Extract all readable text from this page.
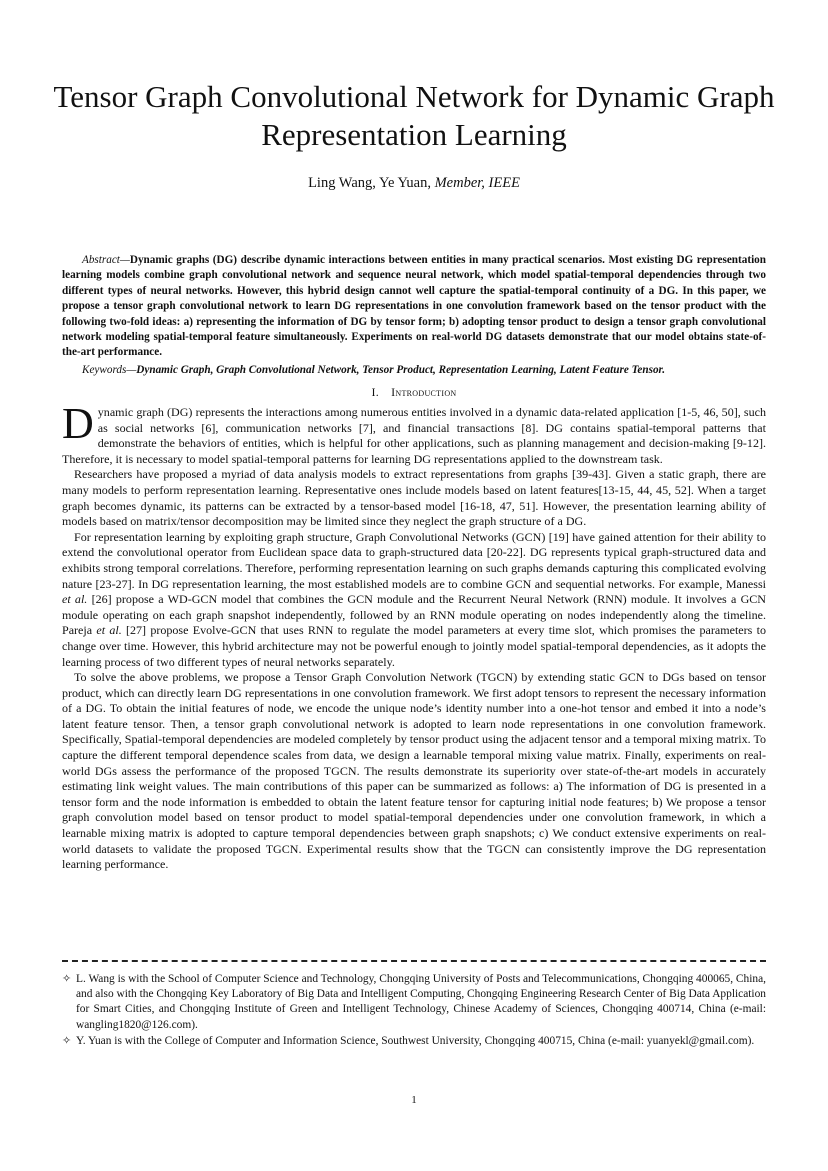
Tensor Graph Convolutional Network for Dynamic Graph Representation Learning
Ling Wang, Ye Yuan, Member, IEEE

Abstract—Dynamic graphs (DG) describe dynamic interactions between entities in many practical scenarios. Most existing DG representation learning models combine graph convolutional network and sequence neural network, which model spatial-temporal dependencies through two different types of neural networks. However, this hybrid design cannot well capture the spatial-temporal continuity of a DG. In this paper, we propose a tensor graph convolutional network to learn DG representations in one convolution framework based on the tensor product with the following two-fold ideas: a) representing the information of DG by tensor form; b) adopting tensor product to design a tensor graph convolutional network modeling spatial-temporal feature simultaneously. Experiments on real-world DG datasets demonstrate that our model obtains state-of-the-art performance.

Keywords—Dynamic Graph, Graph Convolutional Network, Tensor Product, Representation Learning, Latent Feature Tensor.

I. Introduction

Dynamic graph (DG) represents the interactions among numerous entities involved in a dynamic data-related application [1-5, 46, 50], such as social networks [6], communication networks [7], and financial transactions [8]. DG contains spatial-temporal patterns that demonstrate the behaviors of entities, which is helpful for other applications, such as planning management and decision-making [9-12]. Therefore, it is necessary to model spatial-temporal patterns for learning DG representations applied to the downstream task.

Researchers have proposed a myriad of data analysis models to extract representations from graphs [39-43]. Given a static graph, there are many models to perform representation learning. Representative ones include models based on latent features[13-15, 44, 45, 52]. When a target graph becomes dynamic, its patterns can be extracted by a tensor-based model [16-18, 47, 51]. However, the presentation learning ability of models based on matrix/tensor decomposition may be limited since they neglect the graph structure of a DG.

For representation learning by exploiting graph structure, Graph Convolutional Networks (GCN) [19] have gained attention for their ability to extend the convolutional operator from Euclidean space data to graph-structured data [20-22]. DG represents typical graph-structured data and exhibits strong temporal correlations. Therefore, performing representation learning on such graphs demands capturing this complicated evolving nature [23-27]. In DG representation learning, the most established models are to combine GCN and sequential networks. For example, Manessi et al. [26] propose a WD-GCN model that combines the GCN module and the Recurrent Neural Network (RNN) module. It involves a GCN module operating on each graph snapshot independently, followed by an RNN module operating on nodes independently along the timeline. Pareja et al. [27] propose Evolve-GCN that uses RNN to regulate the model parameters at every time slot, which promises the parameters to change over time. However, this hybrid architecture may not be powerful enough to jointly model spatial-temporal dependencies, as it adopts the learning process of two different types of neural networks separately.

To solve the above problems, we propose a Tensor Graph Convolution Network (TGCN) by extending static GCN to DGs based on tensor product, which can directly learn DG representations in one convolution framework. We first adopt tensors to represent the necessary information of a DG. To obtain the initial features of node, we encode the unique node’s identity number into a one-hot tensor and embed it into a node’s latent feature tensor. Then, a tensor graph convolutional network is adopted to learn node representations in one convolution framework. Specifically, Spatial-temporal dependencies are modeled completely by tensor product using the adjacent tensor and a temporal mixing matrix. To capture the different temporal dependence scales from data, we design a learnable temporal mixing value matrix. Finally, experiments on real-world DGs assess the performance of the proposed TGCN. The results demonstrate its superiority over state-of-the-art models in accurately estimating link weight values. The main contributions of this paper can be summarized as follows: a) The information of DG is presented in a tensor form and the node information is embedded to obtain the latent feature tensor for capturing initial node features; b) We propose a tensor graph convolution model based on tensor product to model spatial-temporal dependencies under one convolution framework, in which a learnable mixing matrix is adopted to capture temporal dependencies between graph snapshots; c) We conduct extensive experiments on real-world datasets to validate the proposed TGCN. Experimental results show that the TGCN can consistently improve the DG representation learning performance.

✧ L. Wang is with the School of Computer Science and Technology, Chongqing University of Posts and Telecommunications, Chongqing 400065, China, and also with the Chongqing Key Laboratory of Big Data and Intelligent Computing, Chongqing Engineering Research Center of Big Data Application for Smart Cities, and Chongqing Institute of Green and Intelligent Technology, Chinese Academy of Sciences, Chongqing 400714, China (e-mail: wangling1820@126.com).
✧ Y. Yuan is with the College of Computer and Information Science, Southwest University, Chongqing 400715, China (e-mail: yuanyekl@gmail.com).
1
